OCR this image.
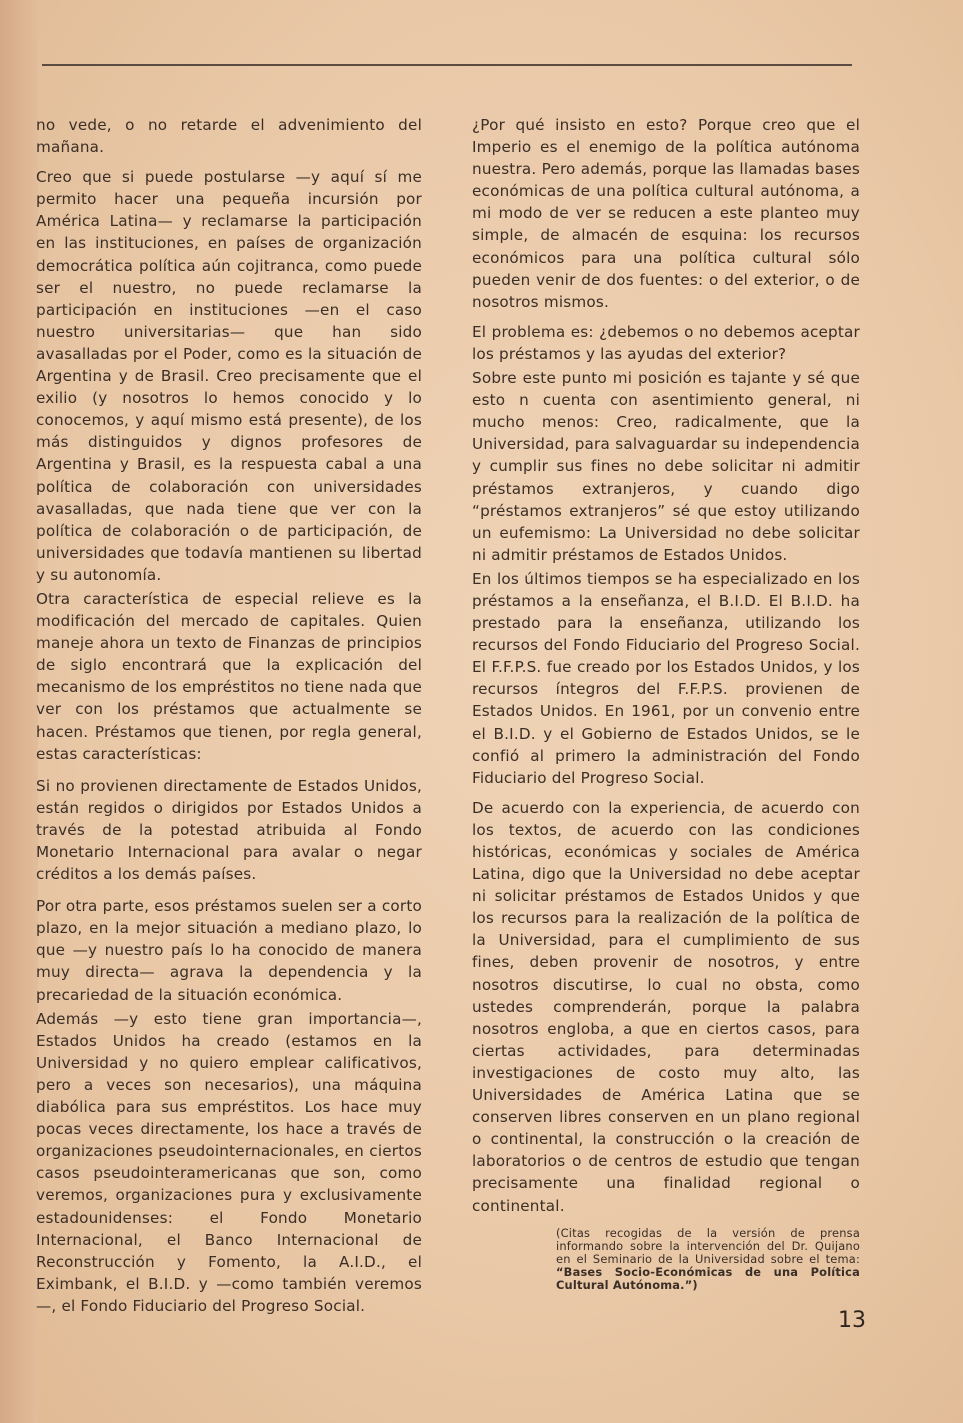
no vede, o no retarde el advenimiento del mañana.

Creo que si puede postularse —y aquí sí me permito hacer una pequeña incursión por América Latina— y reclamarse la participación en las instituciones, en países de organización democrática política aún cojitranca, como puede ser el nuestro, no puede reclamarse la participación en instituciones —en el caso nuestro universitarias— que han sido avasalladas por el Poder, como es la situación de Argentina y de Brasil. Creo precisamente que el exilio (y nosotros lo hemos conocido y lo conocemos, y aquí mismo está presente), de los más distinguidos y dignos profesores de Argentina y Brasil, es la respuesta cabal a una política de colaboración con universidades avasalladas, que nada tiene que ver con la política de colaboración o de participación, de universidades que todavía mantienen su libertad y su autonomía.

Otra característica de especial relieve es la modificación del mercado de capitales. Quien maneje ahora un texto de Finanzas de principios de siglo encontrará que la explicación del mecanismo de los empréstitos no tiene nada que ver con los préstamos que actualmente se hacen. Préstamos que tienen, por regla general, estas características:

Si no provienen directamente de Estados Unidos, están regidos o dirigidos por Estados Unidos a través de la potestad atribuida al Fondo Monetario Internacional para avalar o negar créditos a los demás países.

Por otra parte, esos préstamos suelen ser a corto plazo, en la mejor situación a mediano plazo, lo que —y nuestro país lo ha conocido de manera muy directa— agrava la dependencia y la precariedad de la situación económica.

Además —y esto tiene gran importancia—, Estados Unidos ha creado (estamos en la Universidad y no quiero emplear calificativos, pero a veces son necesarios), una máquina diabólica para sus empréstitos. Los hace muy pocas veces directamente, los hace a través de organizaciones pseudointernacionales, en ciertos casos pseudointeramericanas que son, como veremos, organizaciones pura y exclusivamente estadounidenses: el Fondo Monetario Internacional, el Banco Internacional de Reconstrucción y Fomento, la A.I.D., el Eximbank, el B.I.D. y —como también veremos—, el Fondo Fiduciario del Progreso Social.

¿Por qué insisto en esto? Porque creo que el Imperio es el enemigo de la política autónoma nuestra. Pero además, porque las llamadas bases económicas de una política cultural autónoma, a mi modo de ver se reducen a este planteo muy simple, de almacén de esquina: los recursos económicos para una política cultural sólo pueden venir de dos fuentes: o del exterior, o de nosotros mismos.

El problema es: ¿debemos o no debemos aceptar los préstamos y las ayudas del exterior?

Sobre este punto mi posición es tajante y sé que esto n cuenta con asentimiento general, ni mucho menos: Creo, radicalmente, que la Universidad, para salvaguardar su independencia y cumplir sus fines no debe solicitar ni admitir préstamos extranjeros, y cuando digo “préstamos extranjeros” sé que estoy utilizando un eufemismo: La Universidad no debe solicitar ni admitir préstamos de Estados Unidos.

En los últimos tiempos se ha especializado en los préstamos a la enseñanza, el B.I.D. El B.I.D. ha prestado para la enseñanza, utilizando los recursos del Fondo Fiduciario del Progreso Social. El F.F.P.S. fue creado por los Estados Unidos, y los recursos íntegros del F.F.P.S. provienen de Estados Unidos. En 1961, por un convenio entre el B.I.D. y el Gobierno de Estados Unidos, se le confió al primero la administración del Fondo Fiduciario del Progreso Social.

De acuerdo con la experiencia, de acuerdo con los textos, de acuerdo con las condiciones históricas, económicas y sociales de América Latina, digo que la Universidad no debe aceptar ni solicitar préstamos de Estados Unidos y que los recursos para la realización de la política de la Universidad, para el cumplimiento de sus fines, deben provenir de nosotros, y entre nosotros discutirse, lo cual no obsta, como ustedes comprenderán, porque la palabra nosotros engloba, a que en ciertos casos, para ciertas actividades, para determinadas investigaciones de costo muy alto, las Universidades de América Latina que se conserven libres conserven en un plano regional o continental, la construcción o la creación de laboratorios o de centros de estudio que tengan precisamente una finalidad regional o continental.

(Citas recogidas de la versión de prensa informando sobre la intervención del Dr. Quijano en el Seminario de la Universidad sobre el tema: “Bases Socio-Económicas de una Política Cultural Autónoma.”)
13
